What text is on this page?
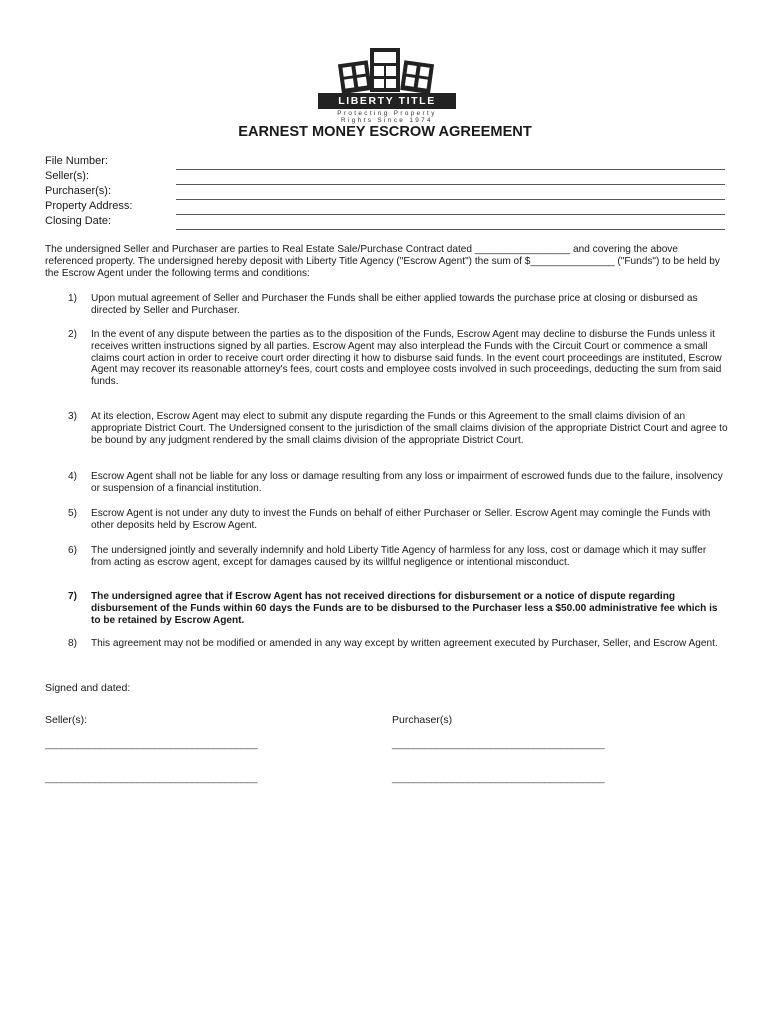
LIBERTY TITLE
Protecting Property
Rights Since 1974
EARNEST MONEY ESCROW AGREEMENT
File Number:
Seller(s):
Purchaser(s):
Property Address:
Closing Date:

The undersigned Seller and Purchaser are parties to Real Estate Sale/Purchase Contract dated _________________ and covering the above referenced property. The undersigned hereby deposit with Liberty Title Agency ("Escrow Agent") the sum of $_______________ ("Funds") to be held by the Escrow Agent under the following terms and conditions:

1)	Upon mutual agreement of Seller and Purchaser the Funds shall be either applied towards the purchase price at closing or disbursed as directed by Seller and Purchaser.

2)	In the event of any dispute between the parties as to the disposition of the Funds, Escrow Agent may decline to disburse the Funds unless it receives written instructions signed by all parties. Escrow Agent may also interplead the Funds with the Circuit Court or commence a small claims court action in order to receive court order directing it how to disburse said funds. In the event court proceedings are instituted, Escrow Agent may recover its reasonable attorney's fees, court costs and employee costs involved in such proceedings, deducting the sum from said funds.

3)	At its election, Escrow Agent may elect to submit any dispute regarding the Funds or this Agreement to the small claims division of an appropriate District Court. The Undersigned consent to the jurisdiction of the small claims division of the appropriate District Court and agree to be bound by any judgment rendered by the small claims division of the appropriate District Court.

4)	Escrow Agent shall not be liable for any loss or damage resulting from any loss or impairment of escrowed funds due to the failure, insolvency or suspension of a financial institution.

5)	Escrow Agent is not under any duty to invest the Funds on behalf of either Purchaser or Seller. Escrow Agent may comingle the Funds with other deposits held by Escrow Agent.

6)	The undersigned jointly and severally indemnify and hold Liberty Title Agency of harmless for any loss, cost or damage which it may suffer from acting as escrow agent, except for damages caused by its willful negligence or intentional misconduct.

7)	The undersigned agree that if Escrow Agent has not received directions for disbursement or a notice of dispute regarding disbursement of the Funds within 60 days the Funds are to be disbursed to the Purchaser less a $50.00 administrative fee which is to be retained by Escrow Agent.

8)	This agreement may not be modified or amended in any way except by written agreement executed by Purchaser, Seller, and Escrow Agent.

Signed and dated:
Seller(s):	Purchaser(s)
_______________________________________	_______________________________________
_______________________________________	_______________________________________
